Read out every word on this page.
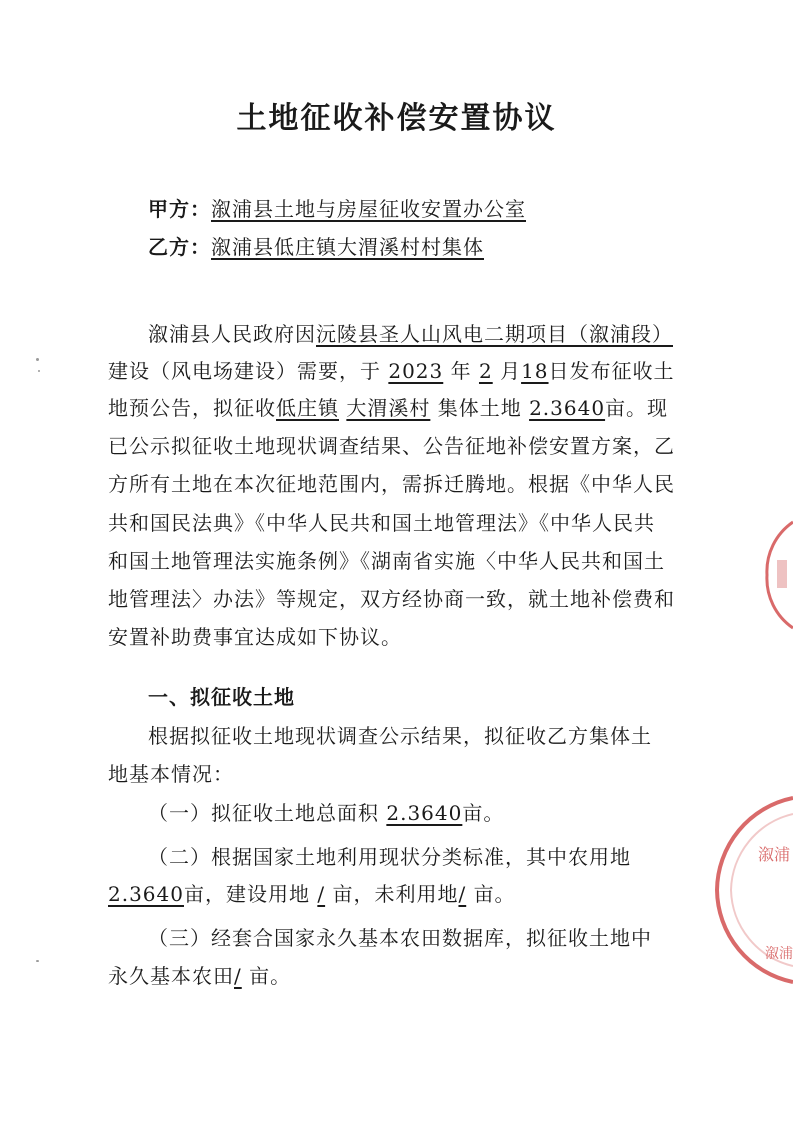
土地征收补偿安置协议
甲方：溆浦县土地与房屋征收安置办公室
乙方：溆浦县低庄镇大渭溪村村集体
溆浦县人民政府因沅陵县圣人山风电二期项目（溆浦段）
建设（风电场建设）需要，于 2023 年 2 月18日发布征收土
地预公告，拟征收低庄镇 大渭溪村 集体土地 2.3640亩。现
已公示拟征收土地现状调查结果、公告征地补偿安置方案，乙
方所有土地在本次征地范围内，需拆迁腾地。根据《中华人民
共和国民法典》《中华人民共和国土地管理法》《中华人民共
和国土地管理法实施条例》《湖南省实施〈中华人民共和国土
地管理法〉办法》等规定，双方经协商一致，就土地补偿费和
安置补助费事宜达成如下协议。
一、拟征收土地
根据拟征收土地现状调查公示结果，拟征收乙方集体土
地基本情况：
（一）拟征收土地总面积 2.3640亩。
（二）根据国家土地利用现状分类标准，其中农用地
2.3640亩，建设用地 / 亩，未利用地/ 亩。
（三）经套合国家永久基本农田数据库，拟征收土地中
永久基本农田/ 亩。
溆浦
溆浦
